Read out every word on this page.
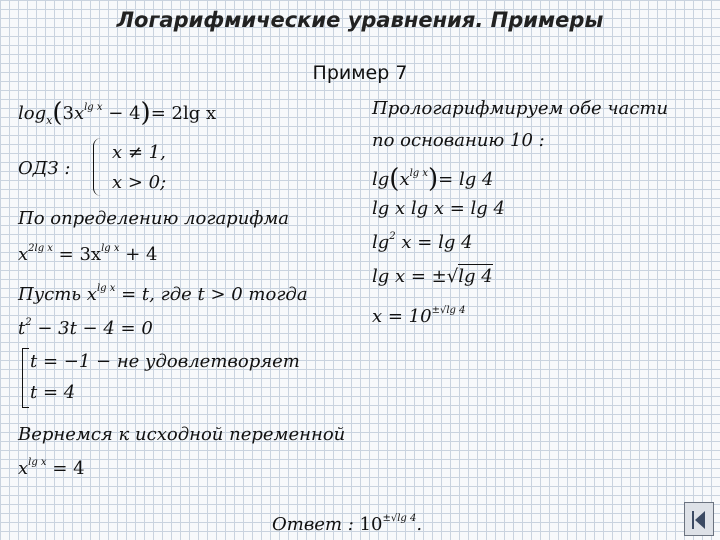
Логарифмические уравнения. Примеры
Пример 7
$\log_x(3x^{lg x} - 4)= 2\lg$ x
ОДЗ :
x ≠ 1,
x > 0;
По определению логарифма
$x^{2lg x} = 3x^{lg x} + 4$
Пусть $x^{lg x} = t$, где t > 0 тогда
$t^2 - 3t - 4 = 0$
t = −1 − не удовлетворяет
t = 4
Вернемся к исходной переменной
$x^{lg x} = 4$
Прологарифмируем обе части
по основанию 10 :
$\lg(x^{lg x})= \lg 4$
lg x lg x = lg 4
$\lg^2 x = \lg 4$
lg x = ±√lg 4
$x = 10^{\pm√lg 4}$
Ответ : $10^{\pm√lg 4}$.
